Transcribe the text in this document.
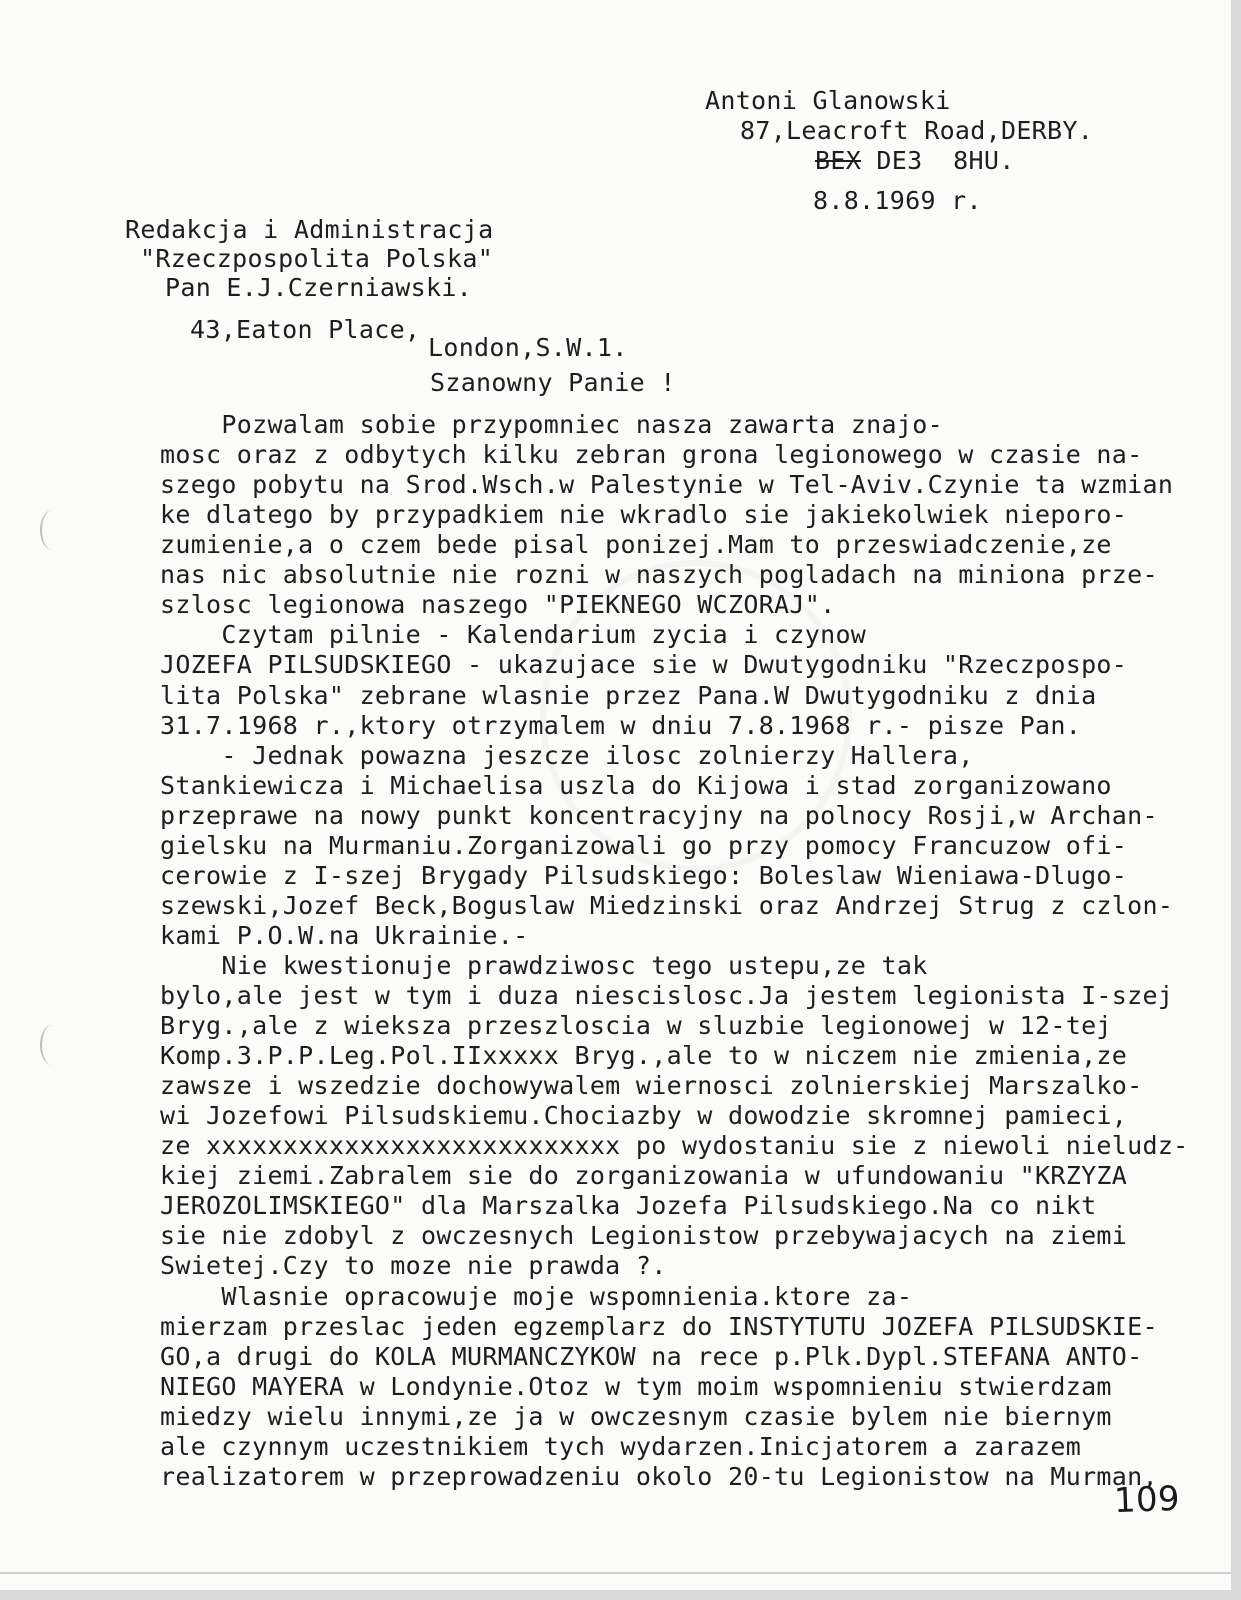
Antoni Glanowski
87,Leacroft Road,DERBY.
BEX DE3  8HU.
8.8.1969 r.
Redakcja i Administracja
"Rzeczpospolita Polska"
Pan E.J.Czerniawski.
43,Eaton Place,
London,S.W.1.
Szanowny Panie !
Pozwalam sobie przypomniec nasza zawarta znajo-
mosc oraz z odbytych kilku zebran grona legionowego w czasie na-
szego pobytu na Srod.Wsch.w Palestynie w Tel-Aviv.Czynie ta wzmian
ke dlatego by przypadkiem nie wkradlo sie jakiekolwiek nieporo-
zumienie,a o czem bede pisal ponizej.Mam to przeswiadczenie,ze
nas nic absolutnie nie rozni w naszych pogladach na miniona prze-
szlosc legionowa naszego "PIEKNEGO WCZORAJ".
Czytam pilnie - Kalendarium zycia i czynow
JOZEFA PILSUDSKIEGO - ukazujace sie w Dwutygodniku "Rzeczpospo-
lita Polska" zebrane wlasnie przez Pana.W Dwutygodniku z dnia
31.7.1968 r.,ktory otrzymalem w dniu 7.8.1968 r.- pisze Pan.
- Jednak powazna jeszcze ilosc zolnierzy Hallera,
Stankiewicza i Michaelisa uszla do Kijowa i stad zorganizowano
przeprawe na nowy punkt koncentracyjny na polnocy Rosji,w Archan-
gielsku na Murmaniu.Zorganizowali go przy pomocy Francuzow ofi-
cerowie z I-szej Brygady Pilsudskiego: Boleslaw Wieniawa-Dlugo-
szewski,Jozef Beck,Boguslaw Miedzinski oraz Andrzej Strug z czlon-
kami P.O.W.na Ukrainie.-
Nie kwestionuje prawdziwosc tego ustepu,ze tak
bylo,ale jest w tym i duza niescislosc.Ja jestem legionista I-szej
Bryg.,ale z wieksza przeszloscia w sluzbie legionowej w 12-tej
Komp.3.P.P.Leg.Pol.IIxxxxx Bryg.,ale to w niczem nie zmienia,ze
zawsze i wszedzie dochowywalem wiernosci zolnierskiej Marszalko-
wi Jozefowi Pilsudskiemu.Chociazby w dowodzie skromnej pamieci,
ze xxxxxxxxxxxxxxxxxxxxxxxxxxx po wydostaniu sie z niewoli nieludz-
kiej ziemi.Zabralem sie do zorganizowania w ufundowaniu "KRZYZA
JEROZOLIMSKIEGO" dla Marszalka Jozefa Pilsudskiego.Na co nikt
sie nie zdobyl z owczesnych Legionistow przebywajacych na ziemi
Swietej.Czy to moze nie prawda ?.
Wlasnie opracowuje moje wspomnienia.ktore za-
mierzam przeslac jeden egzemplarz do INSTYTUTU JOZEFA PILSUDSKIE-
GO,a drugi do KOLA MURMANCZYKOW na rece p.Plk.Dypl.STEFANA ANTO-
NIEGO MAYERA w Londynie.Otoz w tym moim wspomnieniu stwierdzam
miedzy wielu innymi,ze ja w owczesnym czasie bylem nie biernym
ale czynnym uczestnikiem tych wydarzen.Inicjatorem a zarazem
realizatorem w przeprowadzeniu okolo 20-tu Legionistow na Murman,
109
